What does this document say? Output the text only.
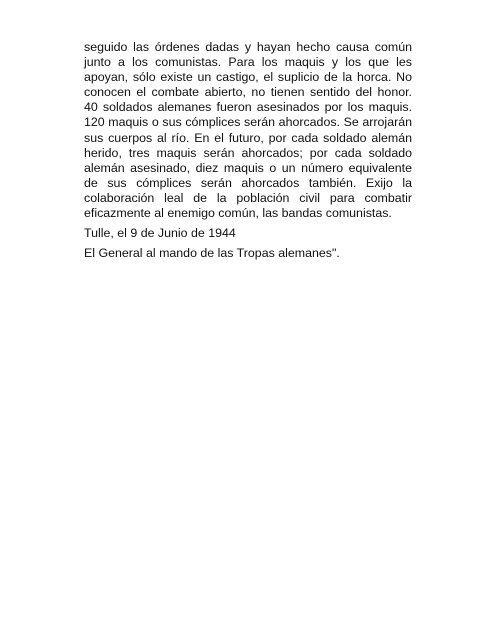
seguido las órdenes dadas y hayan hecho causa común junto a los comunistas. Para los maquis y los que les apoyan, sólo existe un castigo, el suplicio de la horca. No conocen el combate abierto, no tienen sentido del honor. 40 soldados alemanes fueron asesinados por los maquis. 120 maquis o sus cómplices serán ahorcados. Se arrojarán sus cuerpos al río. En el futuro, por cada soldado alemán herido, tres maquis serán ahorcados; por cada soldado alemán asesinado, diez maquis o un número equivalente de sus cómplices serán ahorcados también. Exijo la colaboración leal de la población civil para combatir eficazmente al enemigo común, las bandas comunistas.

Tulle, el 9 de Junio de 1944

El General al mando de las Tropas alemanes".
